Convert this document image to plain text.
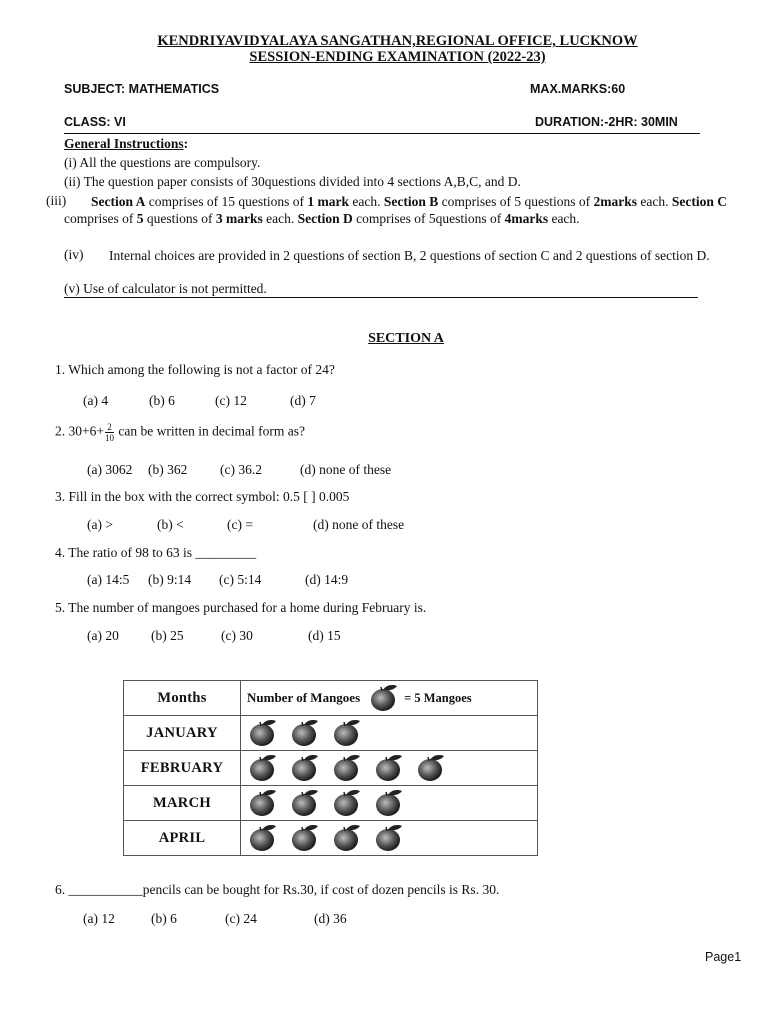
KENDRIYAVIDYALAYA SANGATHAN,REGIONAL OFFICE, LUCKNOW
SESSION-ENDING EXAMINATION (2022-23)
SUBJECT: MATHEMATICS	MAX.MARKS:60
CLASS: VI	DURATION:-2HR: 30MIN
General Instructions:
(i) All the questions are compulsory.
(ii) The question paper consists of 30questions divided into 4 sections A,B,C, and D.
(iii)	Section A comprises of 15 questions of 1 mark each. Section B comprises of 5 questions of 2marks each. Section C comprises of 5 questions of 3 marks each. Section D comprises of 5questions of 4marks each.
(iv)	Internal choices are provided in 2 questions of section B, 2 questions of section C and 2 questions of section D.
(v) Use of calculator is not permitted.
SECTION A
1. Which among the following is not a factor of 24?
(a) 4	(b) 6	(c) 12	(d) 7
2. $30+6+ \frac{2}{10}$ can be written in decimal form as?
(a) 3062 (b) 362 (c) 36.2	(d) none of these
3. Fill in the box with the correct symbol: 0.5 [ ] 0.005
(a) >	(b) <	(c) =	(d) none of these
4. The ratio of 98 to 63 is _________
(a) 14:5 (b) 9:14 (c) 5:14	(d) 14:9
5. The number of mangoes purchased for a home during February is.
(a) 20 (b) 25	(c) 30	(d) 15
Months	Number of Mangoes = 5 Mangoes

JANUARY	

FEBRUARY	

MARCH	

APRIL	
6. ___________pencils can be bought for Rs.30, if cost of dozen pencils is Rs. 30.
(a) 12	(b) 6	(c) 24	(d) 36
Page1
